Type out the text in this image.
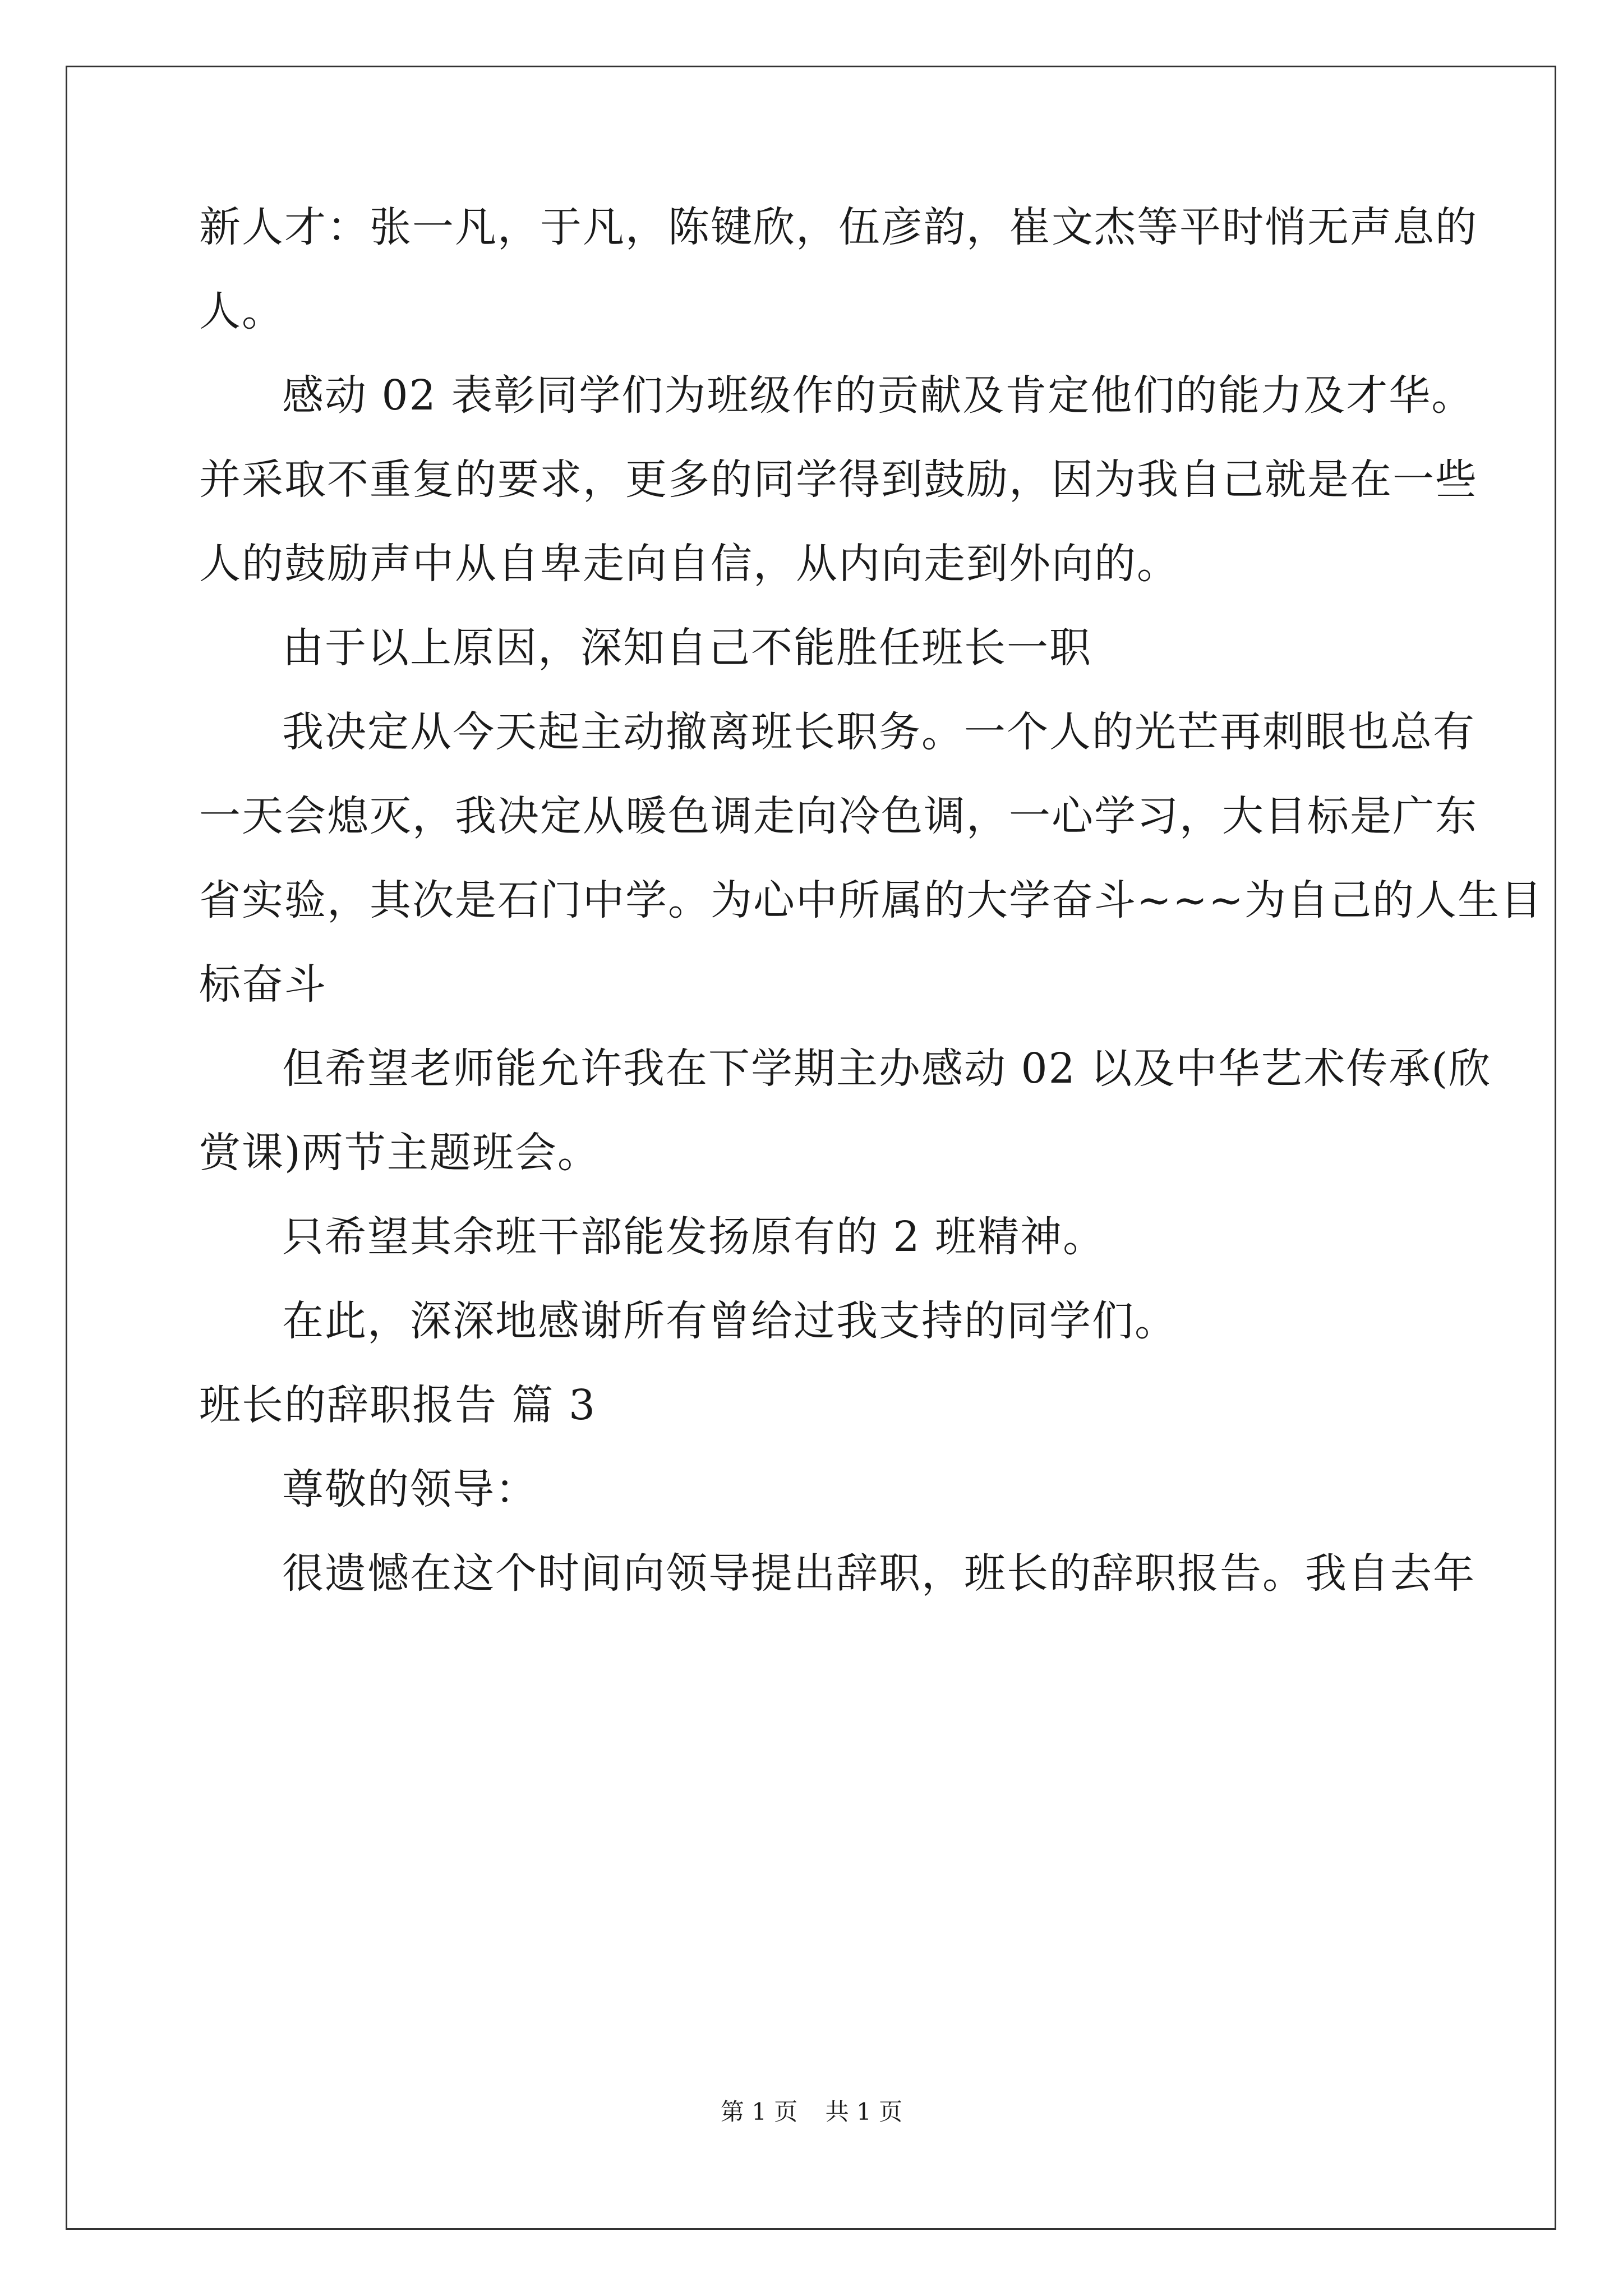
新人才：张一凡，于凡，陈键欣，伍彦韵，崔文杰等平时悄无声息的
人。
感动 02 表彰同学们为班级作的贡献及肯定他们的能力及才华。
并采取不重复的要求，更多的同学得到鼓励，因为我自己就是在一些
人的鼓励声中从自卑走向自信，从内向走到外向的。
由于以上原因，深知自己不能胜任班长一职
我决定从今天起主动撤离班长职务。一个人的光芒再刺眼也总有
一天会熄灭，我决定从暖色调走向冷色调，一心学习，大目标是广东
省实验，其次是石门中学。为心中所属的大学奋斗~~~为自己的人生目
标奋斗
但希望老师能允许我在下学期主办感动 02 以及中华艺术传承(欣
赏课)两节主题班会。
只希望其余班干部能发扬原有的 2 班精神。
在此，深深地感谢所有曾给过我支持的同学们。
班长的辞职报告 篇 3
尊敬的领导：
很遗憾在这个时间向领导提出辞职，班长的辞职报告。我自去年
第 1 页 共 1 页
